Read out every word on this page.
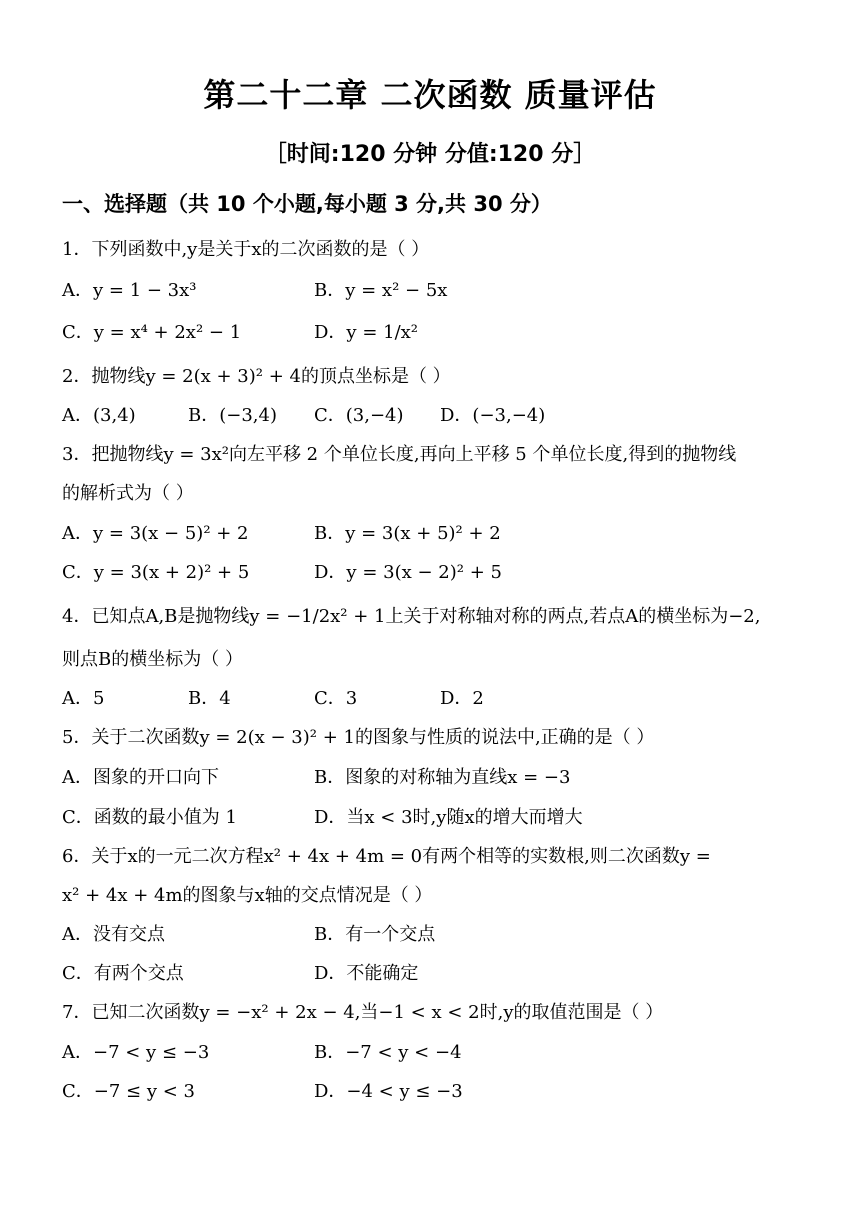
第二十二章 二次函数 质量评估
［时间:120 分钟 分值:120 分］
一、选择题（共 10 个小题,每小题 3 分,共 30 分）
1．下列函数中,y是关于x的二次函数的是（ ）
A．y = 1 − 3x³	B．y = x² − 5x
C．y = x⁴ + 2x² − 1	D．y = 1/x²
2．抛物线y = 2(x + 3)² + 4的顶点坐标是（ ）
A．(3,4)	B．(−3,4) C．(3,−4) D．(−3,−4)
3．把抛物线y = 3x²向左平移 2 个单位长度,再向上平移 5 个单位长度,得到的抛物线
的解析式为（ ）
A．y = 3(x − 5)² + 2	B．y = 3(x + 5)² + 2
C．y = 3(x + 2)² + 5	D．y = 3(x − 2)² + 5
4．已知点A,B是抛物线y = −1/2x² + 1上关于对称轴对称的两点,若点A的横坐标为−2,
则点B的横坐标为（ ）
A．5	B．4	C．3	D．2
5．关于二次函数y = 2(x − 3)² + 1的图象与性质的说法中,正确的是（ ）
A．图象的开口向下	B．图象的对称轴为直线x = −3
C．函数的最小值为 1	D．当x < 3时,y随x的增大而增大
6．关于x的一元二次方程x² + 4x + 4m = 0有两个相等的实数根,则二次函数y =
x² + 4x + 4m的图象与x轴的交点情况是（ ）
A．没有交点	B．有一个交点
C．有两个交点	D．不能确定
7．已知二次函数y = −x² + 2x − 4,当−1 < x < 2时,y的取值范围是（ ）
A．−7 < y ≤ −3	B．−7 < y < −4
C．−7 ≤ y < 3	D．−4 < y ≤ −3
